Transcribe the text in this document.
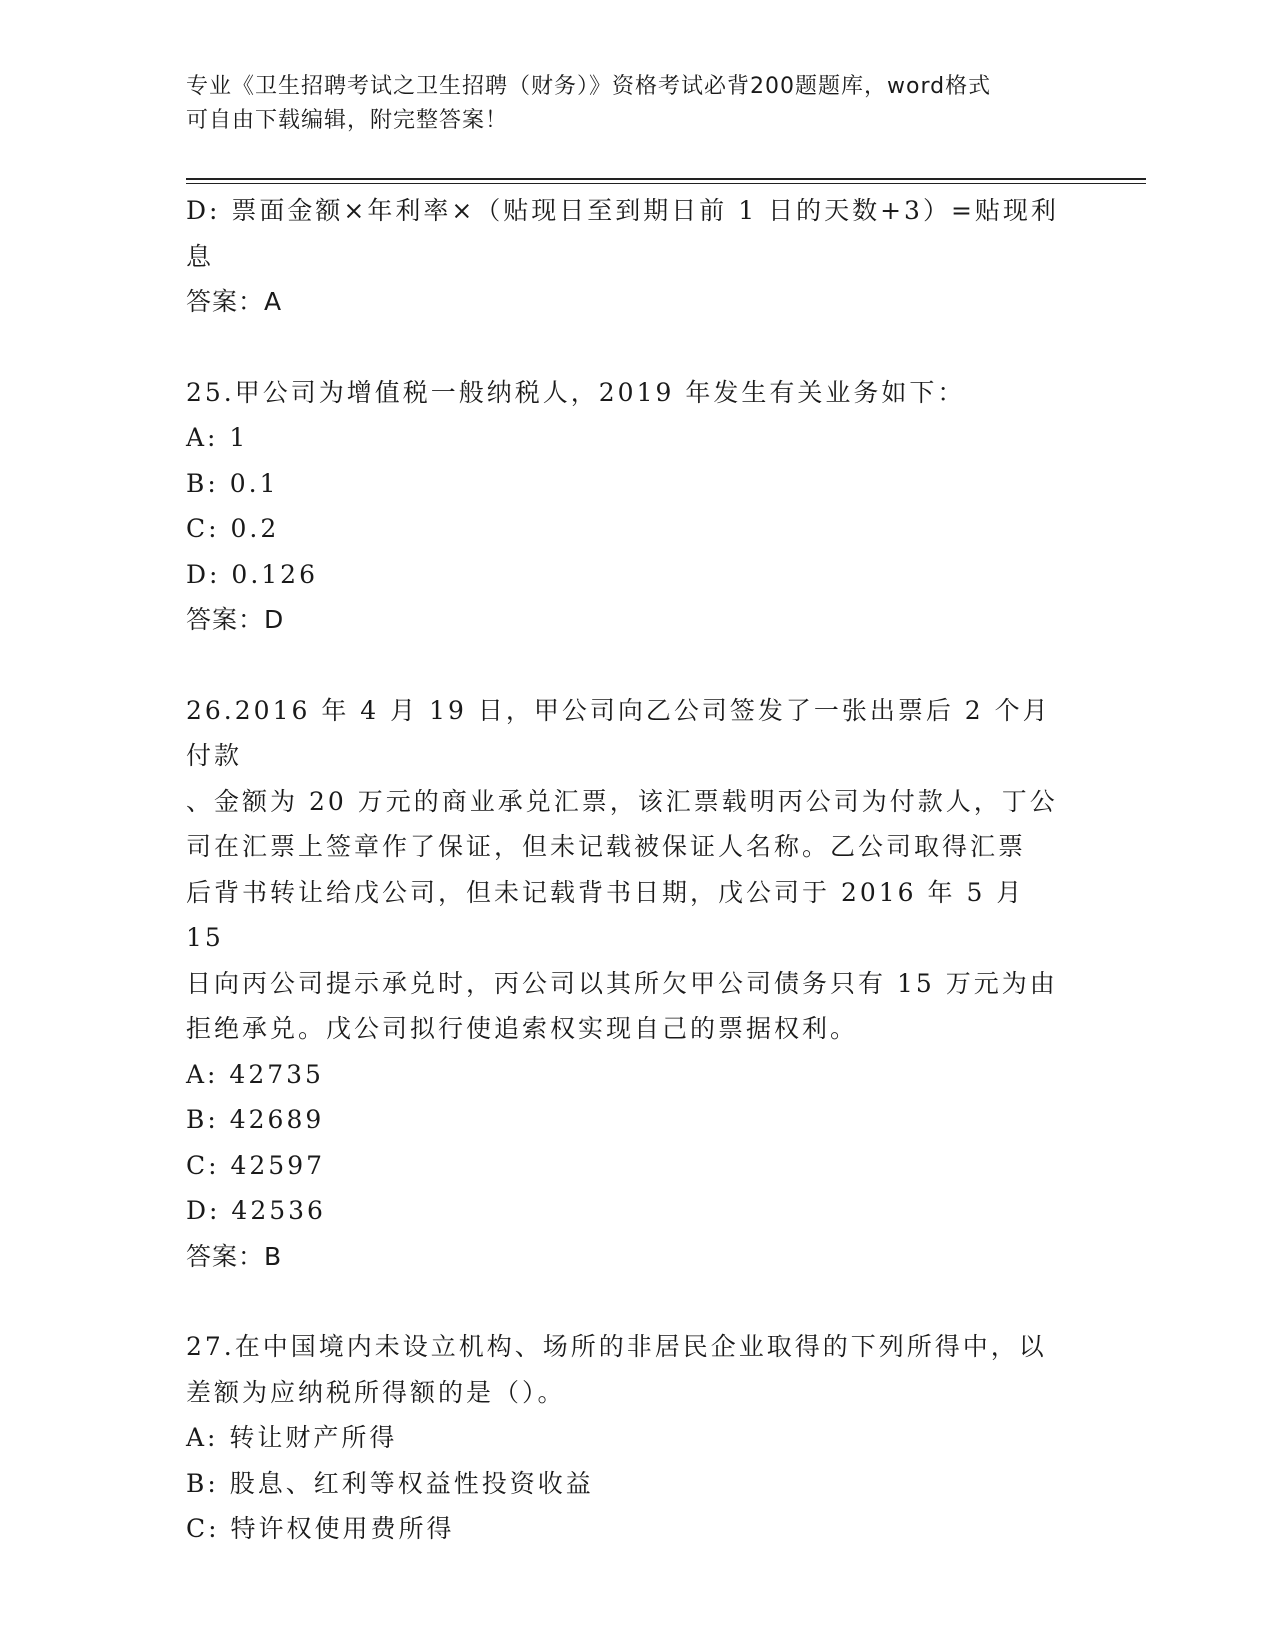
专业《卫生招聘考试之卫生招聘（财务）》资格考试必背200题题库，word格式
可自由下载编辑，附完整答案！
D: 票面金额×年利率×（贴现日至到期日前 1 日的天数+3）=贴现利
息
答案：A
25.甲公司为增值税一般纳税人，2019 年发生有关业务如下：
A: 1
B: 0.1
C: 0.2
D: 0.126
答案：D
26.2016 年 4 月 19 日，甲公司向乙公司签发了一张出票后 2 个月付款
、金额为 20 万元的商业承兑汇票，该汇票载明丙公司为付款人，丁公
司在汇票上签章作了保证，但未记载被保证人名称。乙公司取得汇票
后背书转让给戊公司，但未记载背书日期，戊公司于 2016 年 5 月 15
日向丙公司提示承兑时，丙公司以其所欠甲公司债务只有 15 万元为由
拒绝承兑。戊公司拟行使追索权实现自己的票据权利。
A: 42735
B: 42689
C: 42597
D: 42536
答案：B
27.在中国境内未设立机构、场所的非居民企业取得的下列所得中，以
差额为应纳税所得额的是（）。
A: 转让财产所得
B: 股息、红利等权益性投资收益
C: 特许权使用费所得
